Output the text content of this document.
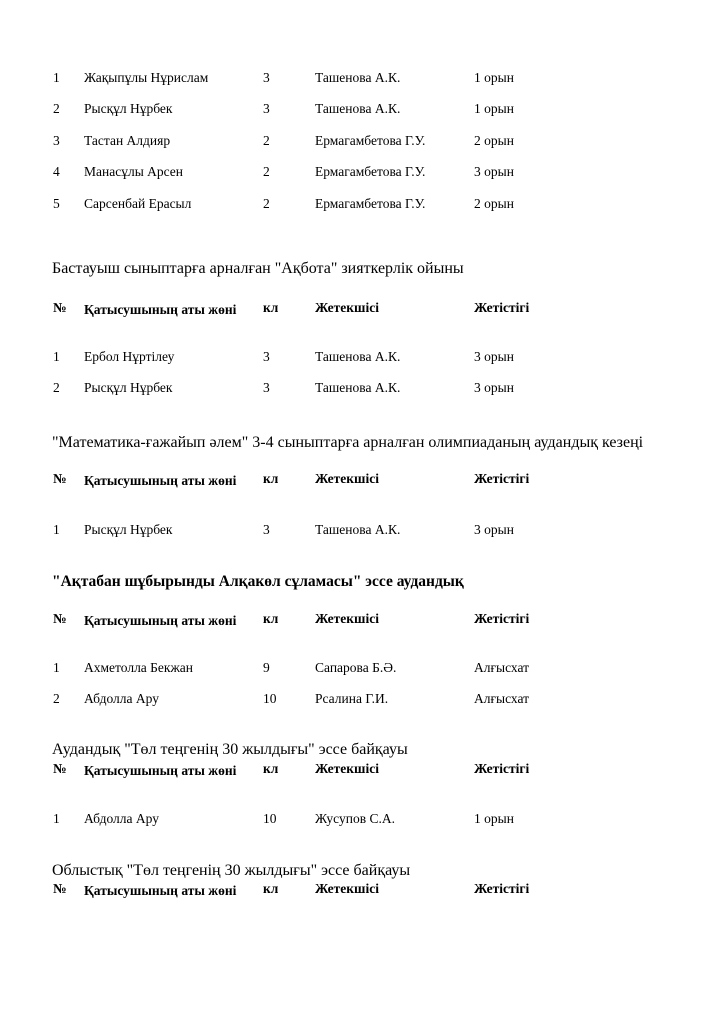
1 Жақыпұлы Нұрислам	3	Ташенова А.К.	1 орын
2 Рысқұл Нұрбек	3	Ташенова А.К.	1 орын
3 Тастан Алдияр	2	Ермагамбетова Г.У.	2 орын
4 Манасұлы Арсен	2	Ермагамбетова Г.У.	3 орын
5 Сарсенбай Ерасыл	2	Ермагамбетова Г.У.	2 орын
Бастауыш сыныптарға арналған "Ақбота" зияткерлік ойыны
№ Қатысушының аты жөні	кл	Жетекшісі	Жетістігі
1 Ербол Нұртілеу	3	Ташенова А.К.	3 орын
2 Рысқұл Нұрбек	3	Ташенова А.К.	3 орын
"Математика-ғажайып әлем" 3-4 сыныптарға арналған олимпиаданың аудандық кезеңі
№ Қатысушының аты жөні	кл	Жетекшісі	Жетістігі
1 Рысқұл Нұрбек	3	Ташенова А.К.	3 орын
"Ақтабан шұбырынды Алқакөл сұламасы" эссе аудандық
№ Қатысушының аты жөні	кл	Жетекшісі	Жетістігі
1 Ахметолла Бекжан	9	Сапарова Б.Ә.	Алғысхат
2 Абдолла Ару	10	Рсалина Г.И.	Алғысхат
Аудандық "Төл теңгенің 30 жылдығы" эссе байқауы
№ Қатысушының аты жөні	кл	Жетекшісі	Жетістігі
1 Абдолла Ару	10	Жусупов С.А.	1 орын
Облыстық "Төл теңгенің 30 жылдығы" эссе байқауы
№ Қатысушының аты жөні	кл	Жетекшісі	Жетістігі
